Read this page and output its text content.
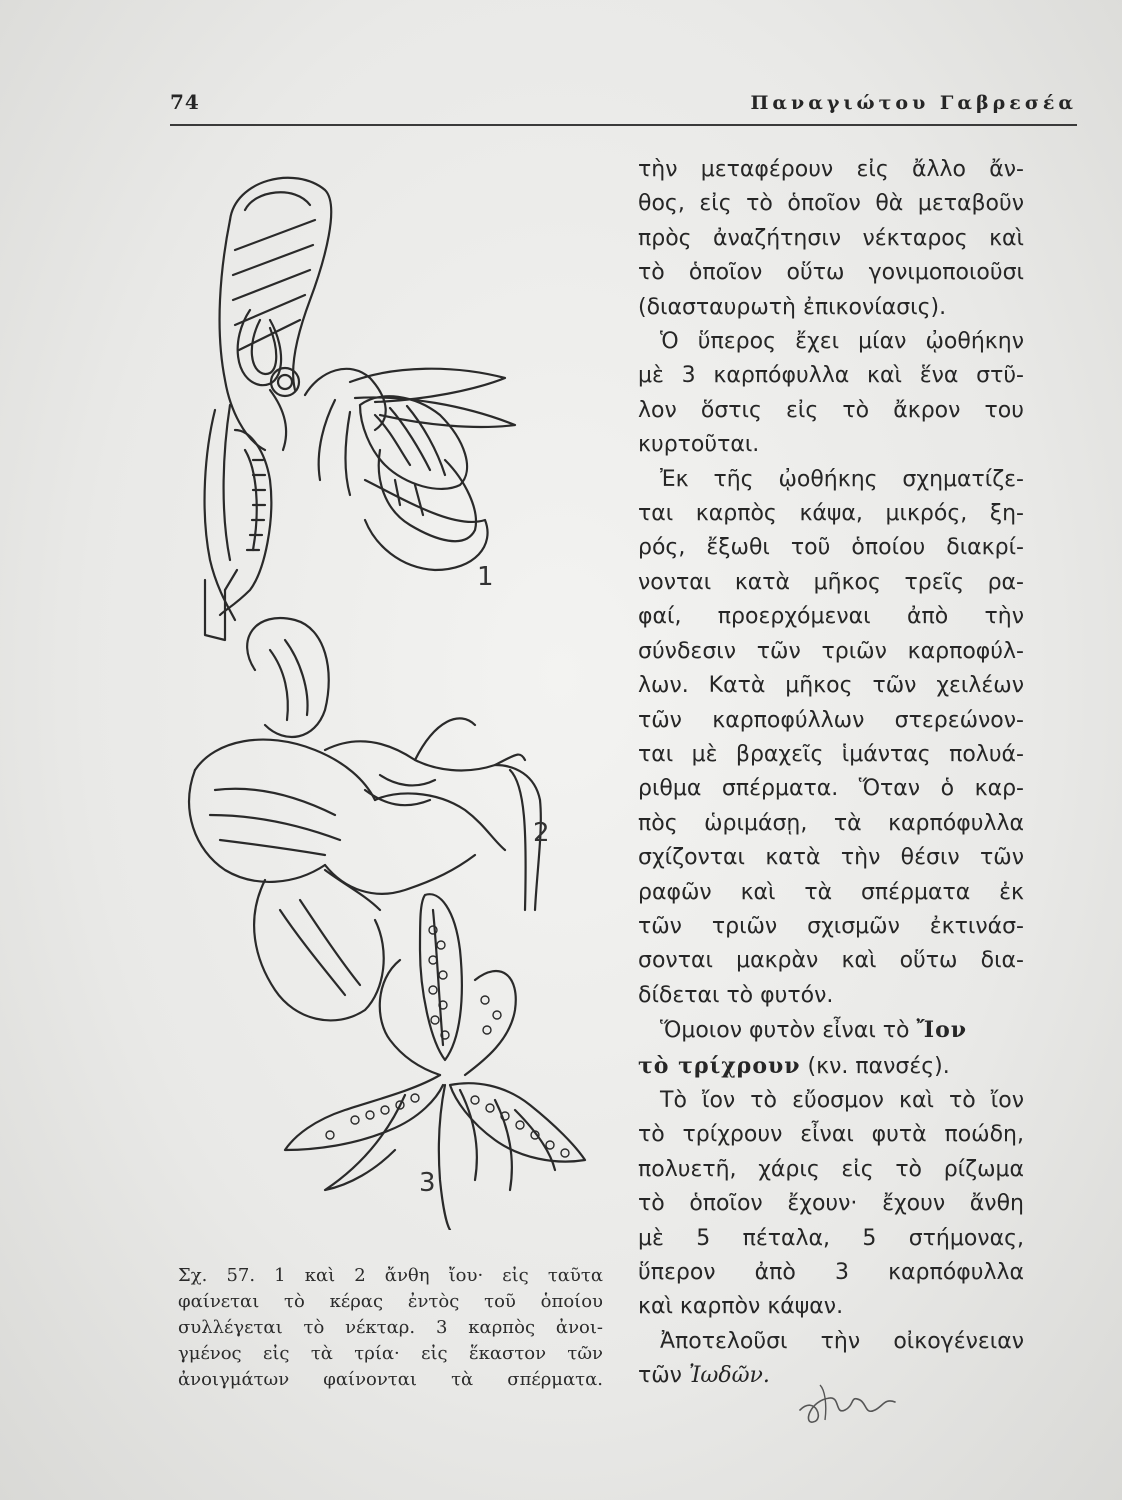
74	Παναγιώτου Γαβρεσέα
1
2
3
Σχ. 57. 1 καὶ 2 ἄνθη ἴου· εἰς ταῦτα
φαίνεται τὸ κέρας ἐντὸς τοῦ ὁποίου
συλλέγεται τὸ νέκταρ. 3 καρπὸς ἀνοι-
γμένος εἰς τὰ τρία· εἰς ἕκαστον τῶν
ἀνοιγμάτων φαίνονται τὰ σπέρματα.
τὴν μεταφέρουν εἰς ἄλλο ἄν-
θος, εἰς τὸ ὁποῖον θὰ μεταβοῦν
πρὸς ἀναζήτησιν νέκταρος καὶ
τὸ ὁποῖον οὕτω γονιμοποιοῦσι
(διασταυρωτὴ ἐπικονίασις).
Ὁ ὕπερος ἔχει μίαν ᾠοθήκην
μὲ 3 καρπόφυλλα καὶ ἕνα στῦ-
λον ὅστις εἰς τὸ ἄκρον του
κυρτοῦται.
Ἐκ τῆς ᾠοθήκης σχηματίζε-
ται καρπὸς κάψα, μικρός, ξη-
ρός, ἔξωθι τοῦ ὁποίου διακρί-
νονται κατὰ μῆκος τρεῖς ρα-
φαί, προερχόμεναι ἀπὸ τὴν
σύνδεσιν τῶν τριῶν καρποφύλ-
λων. Κατὰ μῆκος τῶν χειλέων
τῶν καρποφύλλων στερεώνον-
ται μὲ βραχεῖς ἱμάντας πολυά-
ριθμα σπέρματα. Ὅταν ὁ καρ-
πὸς ὡριμάσῃ, τὰ καρπόφυλλα
σχίζονται κατὰ τὴν θέσιν τῶν
ραφῶν καὶ τὰ σπέρματα ἐκ
τῶν τριῶν σχισμῶν ἐκτινάσ-
σονται μακρὰν καὶ οὕτω δια-
δίδεται τὸ φυτόν.
Ὅμοιον φυτὸν εἶναι τὸ Ἴον
τὸ τρίχρουν (κν. πανσές).
Τὸ ἴον τὸ εὔοσμον καὶ τὸ ἴον
τὸ τρίχρουν εἶναι φυτὰ ποώδη,
πολυετῆ, χάρις εἰς τὸ ρίζωμα
τὸ ὁποῖον ἔχουν· ἔχουν ἄνθη
μὲ 5 πέταλα, 5 στήμονας,
ὕπερον ἀπὸ 3 καρπόφυλλα
καὶ καρπὸν κάψαν.
Ἀποτελοῦσι τὴν οἰκογένειαν
τῶν Ἰωδῶν.
